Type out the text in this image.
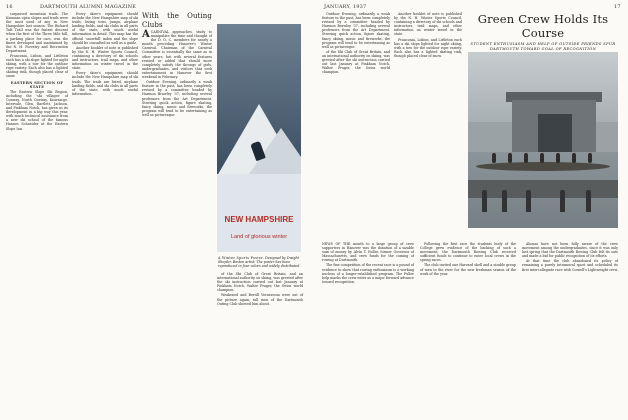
16	DARTMOUTH ALUMNI MAGAZINE

surpassed mountain trails. The Kinsman open slopes and trails were the most used of any in New Hampshire last season. The Richard Taft Trail was the fastest descent when the first of the Three Mile hill, a parking place for cars, was the finest developed and maintained by the N. H. Forestry and Recreation Department.

Franconia, Lisbon, and Littleton each has a ski slope lighted for night skiing, with a tow for the outdoor rope variety. Each also has a lighted skating rink, though placed clear of snow.

EASTERN SECTION OF STATE

The Eastern Slope Ski Region, including the 'ski villages' of Conway, North Conway, Kearsarge, Intervale, Glen, Bartlett, Jackson, and Pinkham Notch, has given us its development in a big way this year, with much technical assistance from a new ski school of the famous Hannes Schneider at the Eastern Slope Inn.

Every skier's equipment should include the New Hampshire map of ski trails, listing tows, jumps, airplane landing fields, and ski clubs in all parts of the state, with much useful information in detail. This map has the official 'snowfall' index and the slope should be consulted as well as a guide.

Another booklet of note is published by the N. H. Winter Sports Council, containing a directory of ski schools and instructors, trail maps, and other information on winter travel in the state.

Every skier's equipment should include the New Hampshire map of ski trails. The trails are listed, airplane landing fields, and ski clubs in all parts of the state, with much useful information.

With the Outing Clubs

ACARNIVAL approaches, study to manipulate the time and thought of the D. O. C. members for nearly a month preceding Hanover's Winter Carnival. Chairman of the Carnival Committee is essentially the same as in other years, but with several features revised or added that should more completely satisfy the throngs of girls, undergraduates, and visitors that seek entertainment in Hanover the first weekend in February.

Outdoor Evening, ordinarily a weak feature in the past, has been completely revised by a committee headed by Harmon Brawley '37, including several professors from the Art Department. Steering quick action, figure skating, fancy skiing, music and fireworks, the program will tend to be entertaining as well as picturesque.

NEW HAMPSHIRE
Land of glorious winter
A Winter Sports Poster. Designed by Dwight Shepler, Boston artist. The poster has been reproduced in four colors and widely distributed.

of the Ski Club of Great Britain, and an international authority on skiing, was greeted after the ski instruction carried out last January at Pinkham Notch, Walter Prager, the Swiss world champion.

Weakened and Bertill Vernersson were out of the picture again; tall men of the Dartmouth Outing Club showed him about.

JANUARY, 1937	17

Outdoor Evening, ordinarily a weak feature in the past, has been completely revised by a committee headed by Harmon Brawley '37, including several professors from the Art Department. Steering quick action, figure skating, fancy skiing, music and fireworks, the program will tend to be entertaining as well as picturesque.

of the Ski Club of Great Britain, and an international authority on skiing, was greeted after the ski instruction carried out last January at Pinkham Notch, Walter Prager, the Swiss world champion.

Another booklet of note is published by the N. H. Winter Sports Council, containing a directory of ski schools and instructors, trail maps, and other information on winter travel in the state.

Franconia, Lisbon, and Littleton each has a ski slope lighted for night skiing, with a tow for the outdoor rope variety. Each also has a lighted skating rink, though placed clear of snow.

Green Crew Holds Its Course
STUDENT ENTHUSIASM AND HELP OF OUTSIDE FRIENDS SPUR DARTMOUTH TOWARD GOAL OF RECOGNITION

NEWS OF THE month to a large group of crew supporters in Hanover was the donation of a sizable sum of money by Alvin T. Fuller, former Governor of Massachusetts, and crew funds for the coming of rowing at Dartmouth.

The fine competition of the recent race is a pound of evidence to show that rowing enthusiasm is a working nucleus of a longer-established program. The Fuller help marks the crew enter as a major forward advance toward recognition.

Following the first race the students body of the College grew evidence of the backing of such a movement; the Dartmouth Rowing Club received sufficient funds to continue to enter local crews in the spring races.

The club invited one Harvard shell and a sizable group of men to the river for the new freshman season of the work of the year.

Alumni have not been fully aware of the crew movement among the undergraduates, since it was only last spring that the Dartmouth Rowing Club felt its oats and made a bid for public recognition of its efforts.

At that time the club abandoned its policy of remaining a purely intramural sport and scheduled its first intercollegiate race with Cornell's Lightweight crew.
